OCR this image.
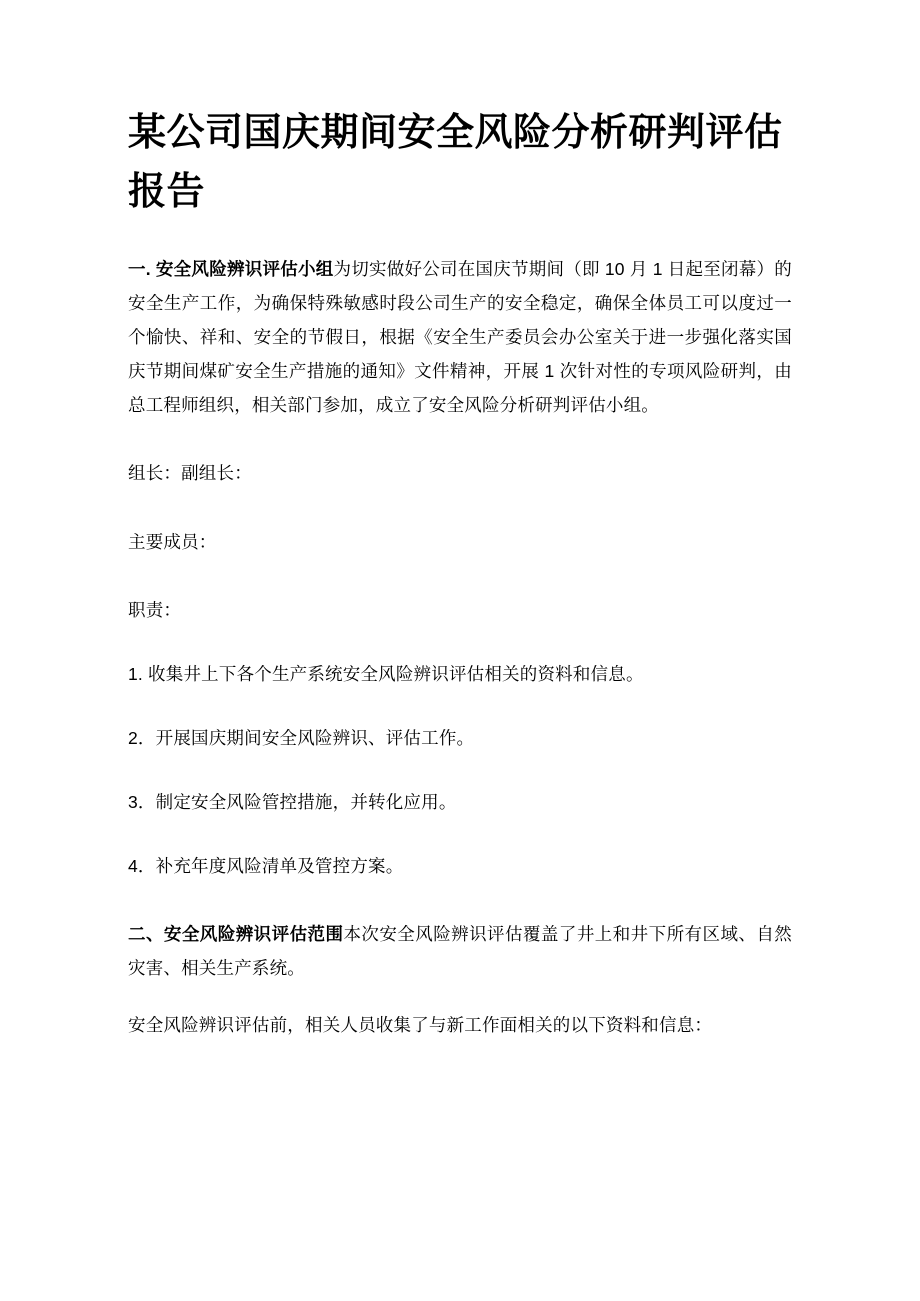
某公司国庆期间安全风险分析研判评估报告

一. 安全风险辨识评估小组为切实做好公司在国庆节期间（即 10 月 1 日起至闭幕）的安全生产工作，为确保特殊敏感时段公司生产的安全稳定，确保全体员工可以度过一个愉快、祥和、安全的节假日，根据《安全生产委员会办公室关于进一步强化落实国庆节期间煤矿安全生产措施的通知》文件精神，开展 1 次针对性的专项风险研判，由总工程师组织，相关部门参加，成立了安全风险分析研判评估小组。

组长：副组长：

主要成员：

职责：

1. 收集井上下各个生产系统安全风险辨识评估相关的资料和信息。
2．开展国庆期间安全风险辨识、评估工作。
3．制定安全风险管控措施，并转化应用。
4．补充年度风险清单及管控方案。

二、安全风险辨识评估范围本次安全风险辨识评估覆盖了井上和井下所有区域、自然灾害、相关生产系统。

安全风险辨识评估前，相关人员收集了与新工作面相关的以下资料和信息：
